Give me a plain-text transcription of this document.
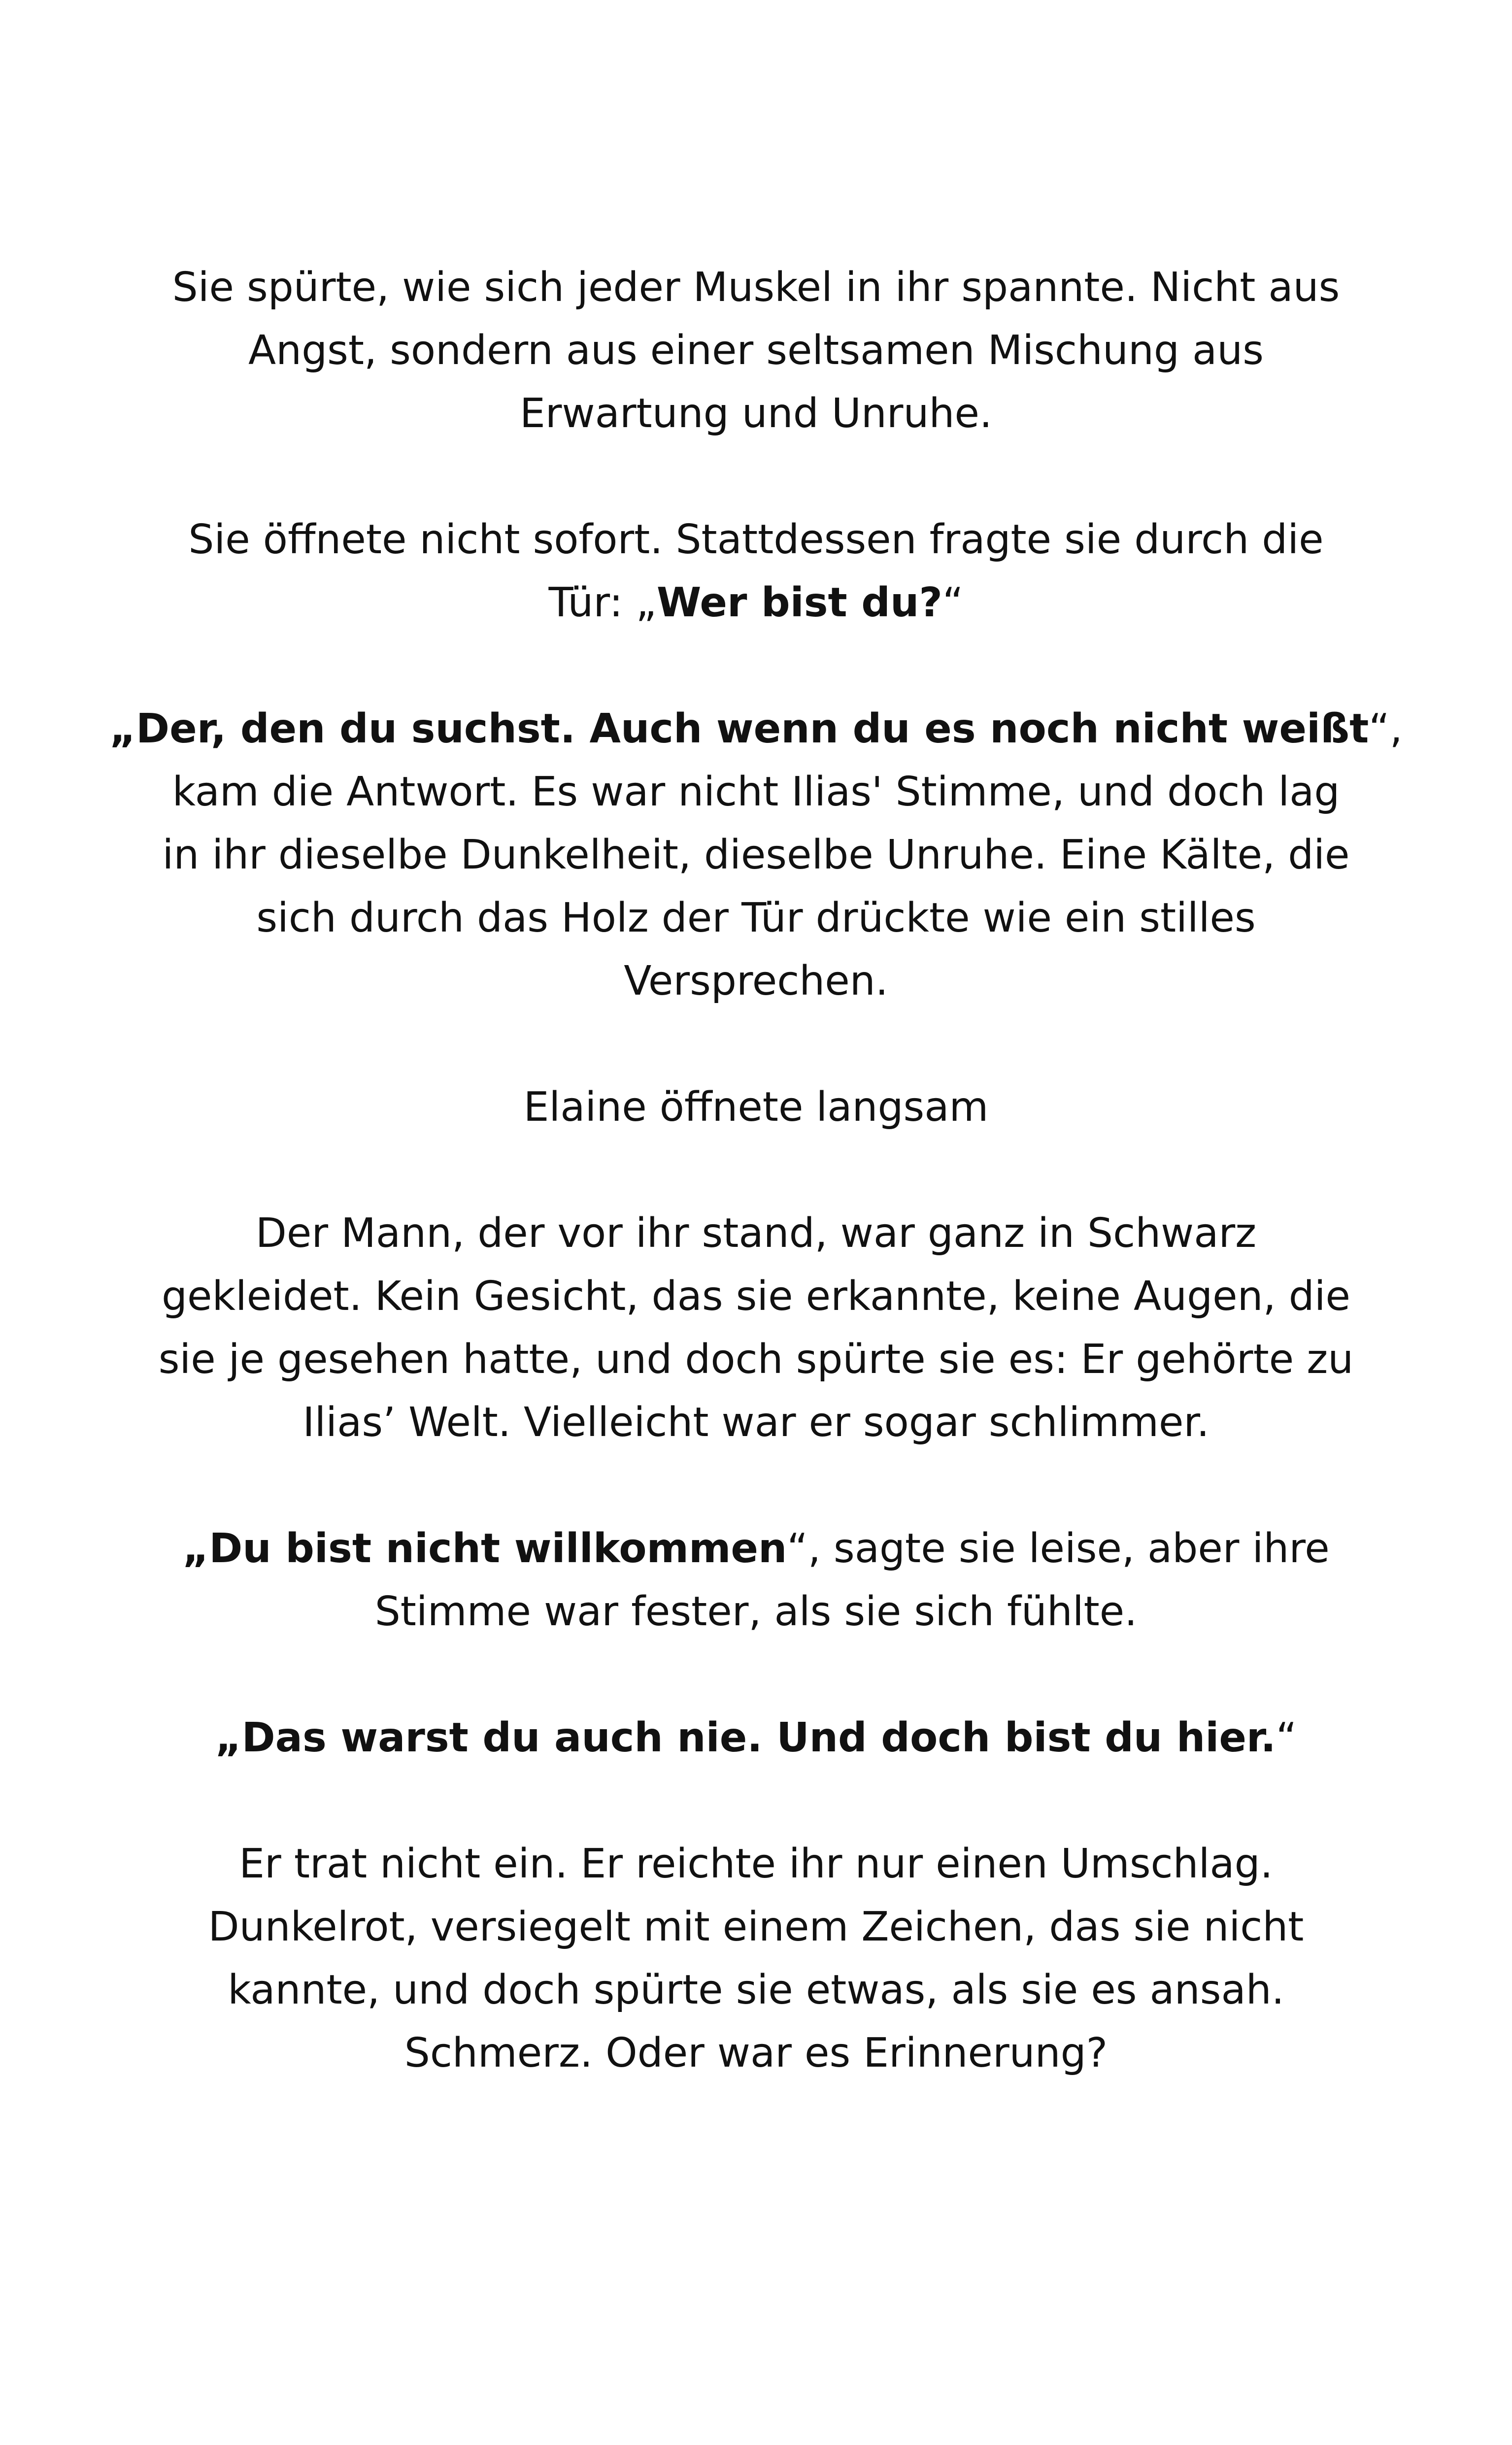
Sie spürte, wie sich jeder Muskel in ihr spannte. Nicht aus
Angst, sondern aus einer seltsamen Mischung aus
Erwartung und Unruhe.

Sie öffnete nicht sofort. Stattdessen fragte sie durch die
Tür: „Wer bist du?“

„Der, den du suchst. Auch wenn du es noch nicht weißt“,
kam die Antwort. Es war nicht Ilias' Stimme, und doch lag
in ihr dieselbe Dunkelheit, dieselbe Unruhe. Eine Kälte, die
sich durch das Holz der Tür drückte wie ein stilles
Versprechen.

Elaine öffnete langsam

Der Mann, der vor ihr stand, war ganz in Schwarz
gekleidet. Kein Gesicht, das sie erkannte, keine Augen, die
sie je gesehen hatte, und doch spürte sie es: Er gehörte zu
Ilias’ Welt. Vielleicht war er sogar schlimmer.

„Du bist nicht willkommen“, sagte sie leise, aber ihre
Stimme war fester, als sie sich fühlte.

„Das warst du auch nie. Und doch bist du hier.“

Er trat nicht ein. Er reichte ihr nur einen Umschlag.
Dunkelrot, versiegelt mit einem Zeichen, das sie nicht
kannte, und doch spürte sie etwas, als sie es ansah.
Schmerz. Oder war es Erinnerung?
